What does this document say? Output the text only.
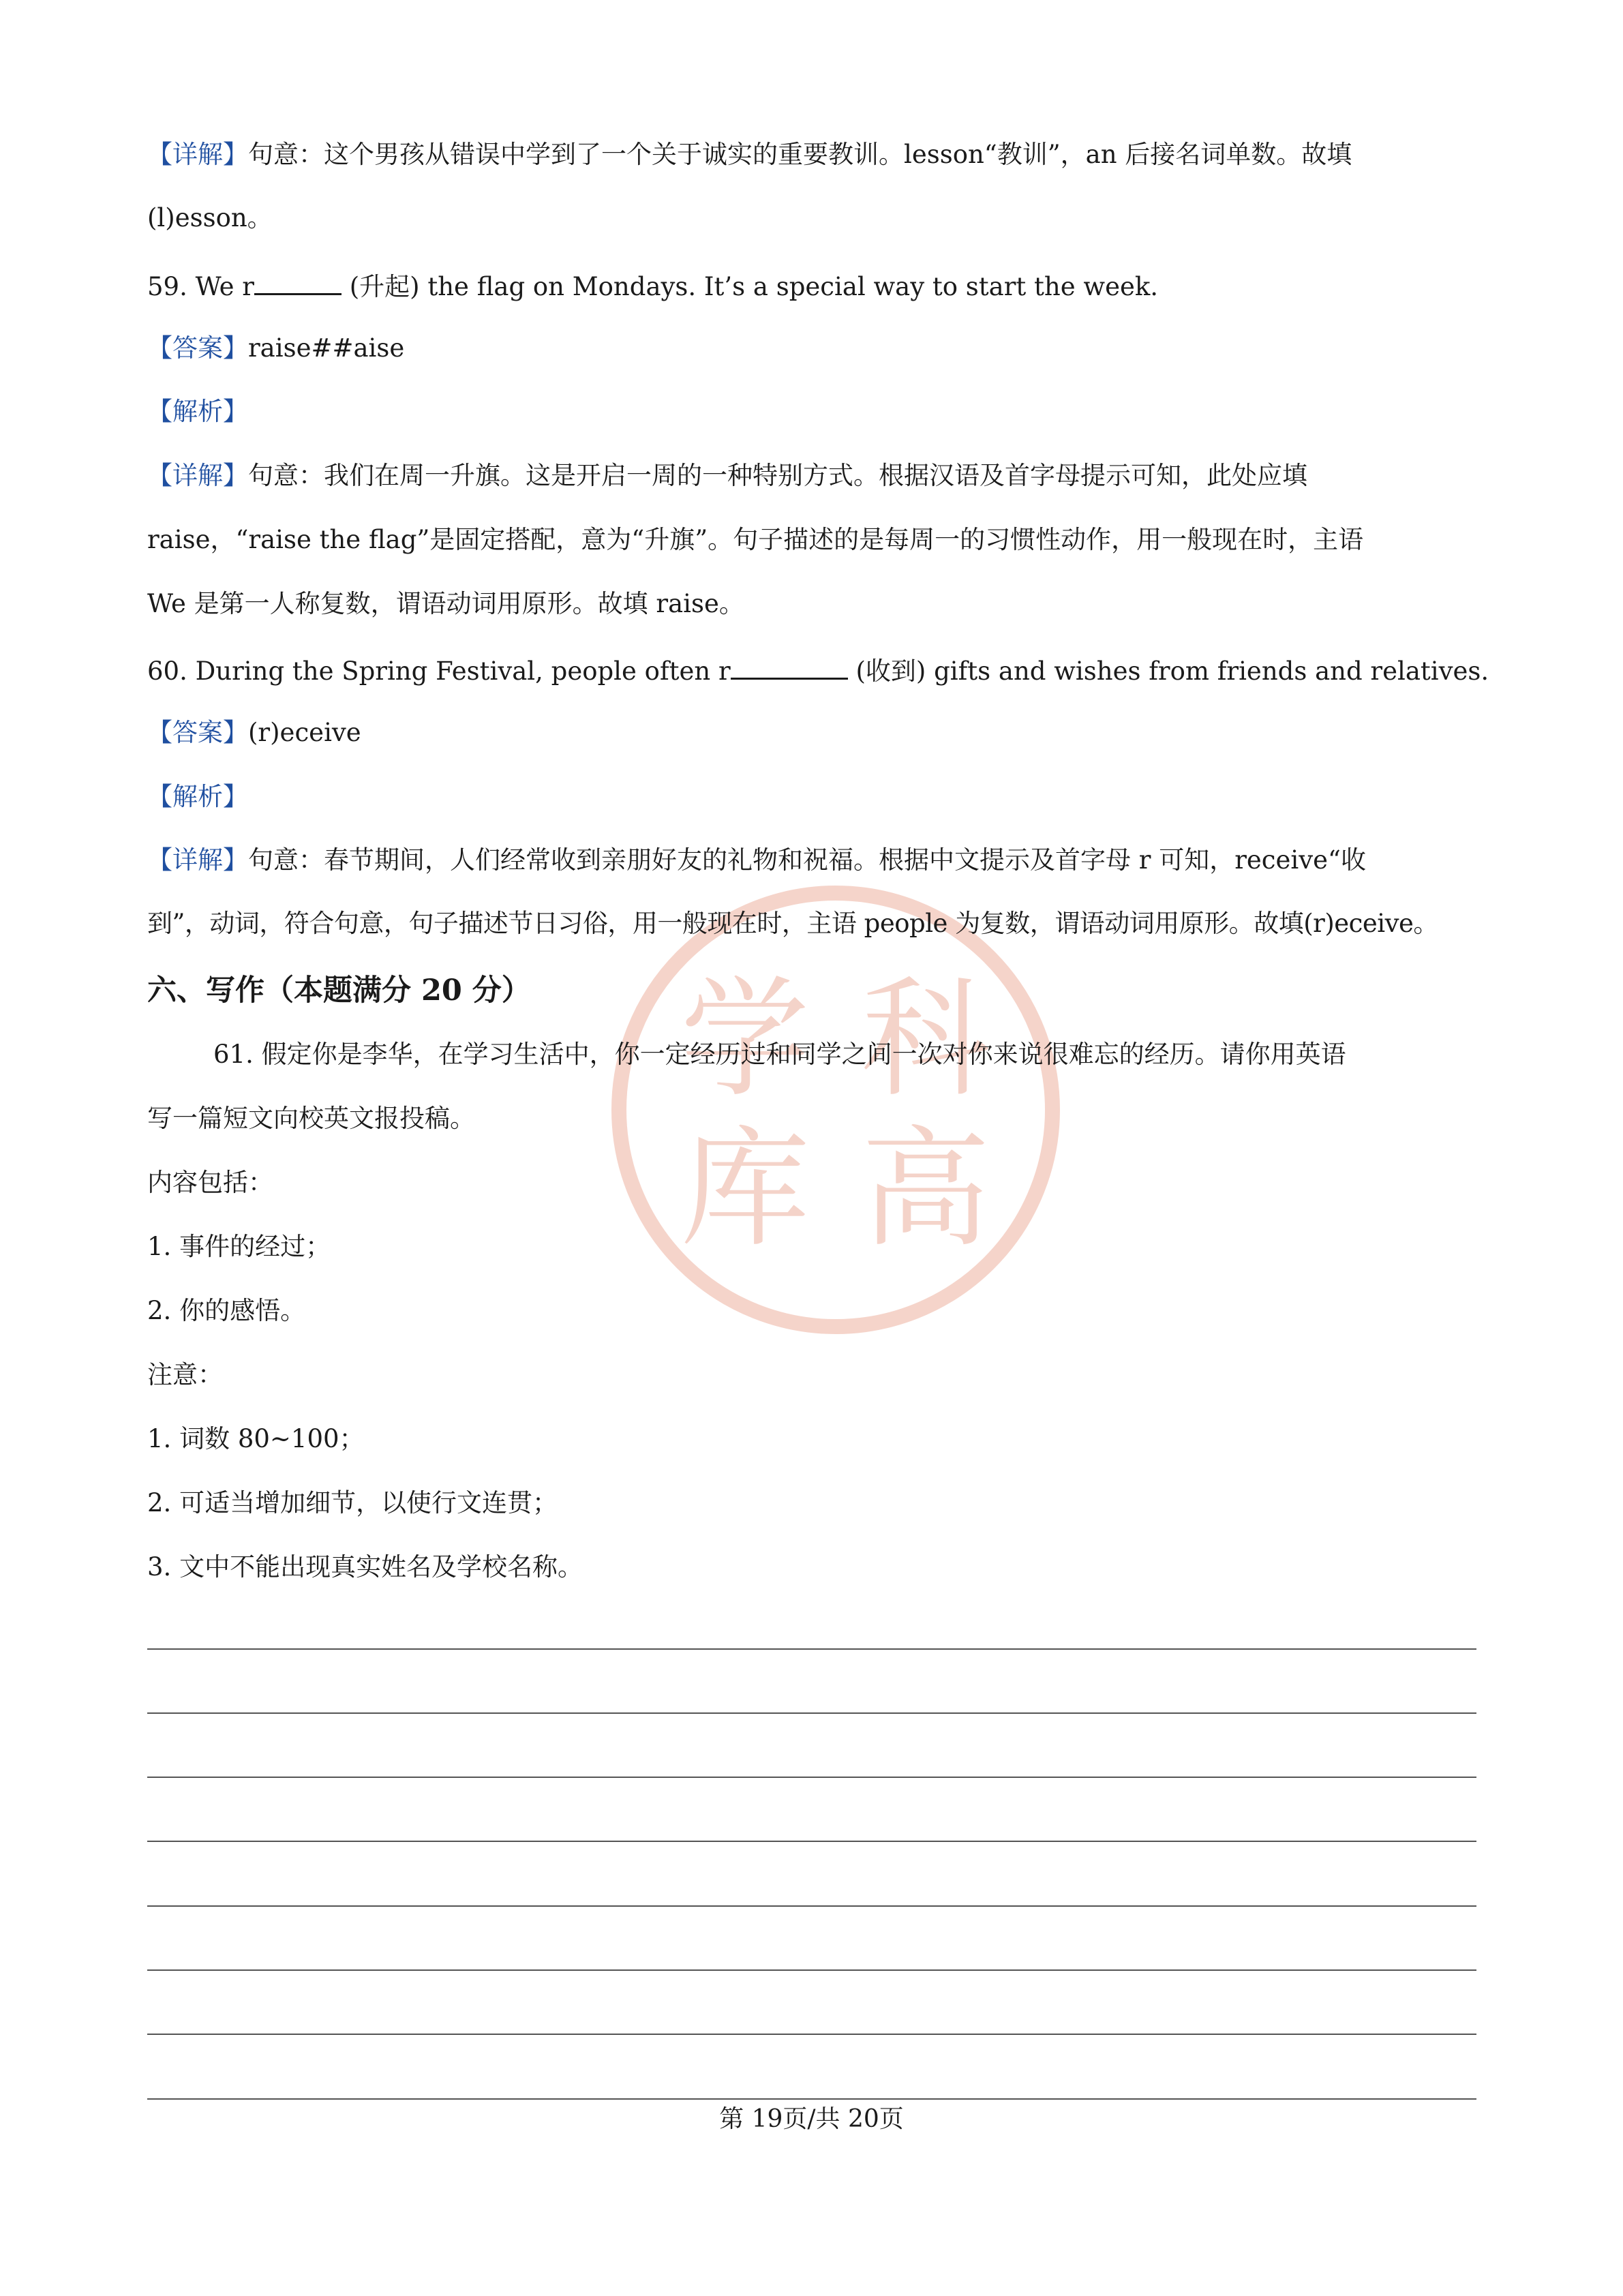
学 科
库 高
【详解】句意：这个男孩从错误中学到了一个关于诚实的重要教训。lesson“教训”，an 后接名词单数。故填
(l)esson。
59. We r	(升起) the flag on Mondays. It’s a special way to start the week.
【答案】raise##aise
【解析】
【详解】句意：我们在周一升旗。这是开启一周的一种特别方式。根据汉语及首字母提示可知，此处应填
raise，“raise the flag”是固定搭配，意为“升旗”。句子描述的是每周一的习惯性动作，用一般现在时，主语
We 是第一人称复数，谓语动词用原形。故填 raise。
60. During the Spring Festival, people often r	(收到) gifts and wishes from friends and relatives.
【答案】(r)eceive
【解析】
【详解】句意：春节期间，人们经常收到亲朋好友的礼物和祝福。根据中文提示及首字母 r 可知，receive“收
到”，动词，符合句意，句子描述节日习俗，用一般现在时，主语 people 为复数，谓语动词用原形。故填(r)eceive。
六、写作（本题满分 20 分）
61. 假定你是李华，在学习生活中，你一定经历过和同学之间一次对你来说很难忘的经历。请你用英语
写一篇短文向校英文报投稿。
内容包括：
1. 事件的经过；
2. 你的感悟。
注意：
1. 词数 80~100；
2. 可适当增加细节，以使行文连贯；
3. 文中不能出现真实姓名及学校名称。
第 19页/共 20页
